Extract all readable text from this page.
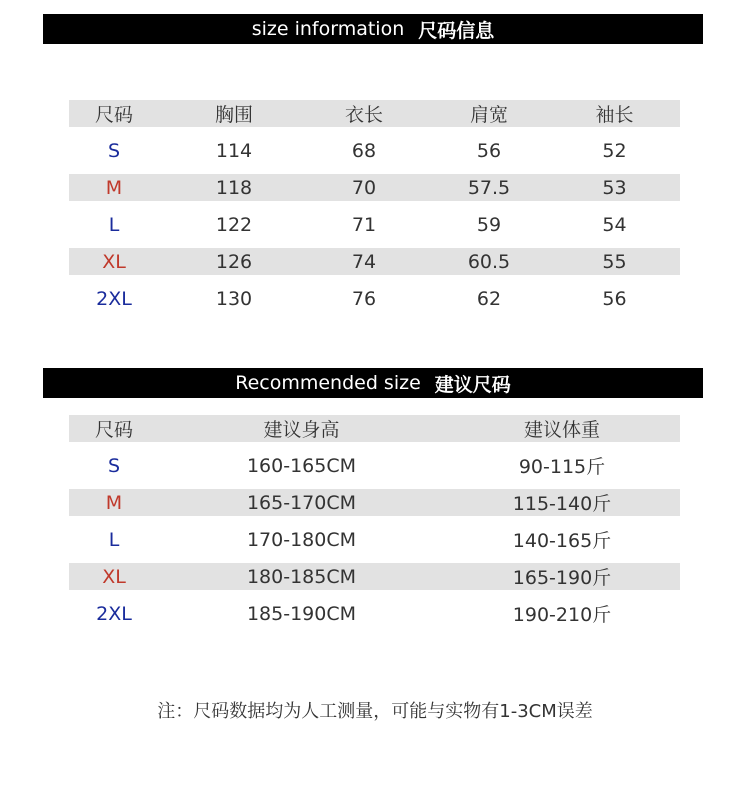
size information 尺码信息
尺码	胸围	衣长	肩宽	袖长
S	114	68	56	52
M	118	70	57.5	53
L	122	71	59	54
XL	126	74	60.5	55
2XL	130	76	62	56
Recommended size 建议尺码
尺码	建议身高	建议体重
S	160-165CM	90-115斤
M	165-170CM	115-140斤
L	170-180CM	140-165斤
XL	180-185CM	165-190斤
2XL	185-190CM	190-210斤
注：尺码数据均为人工测量，可能与实物有1-3CM误差
